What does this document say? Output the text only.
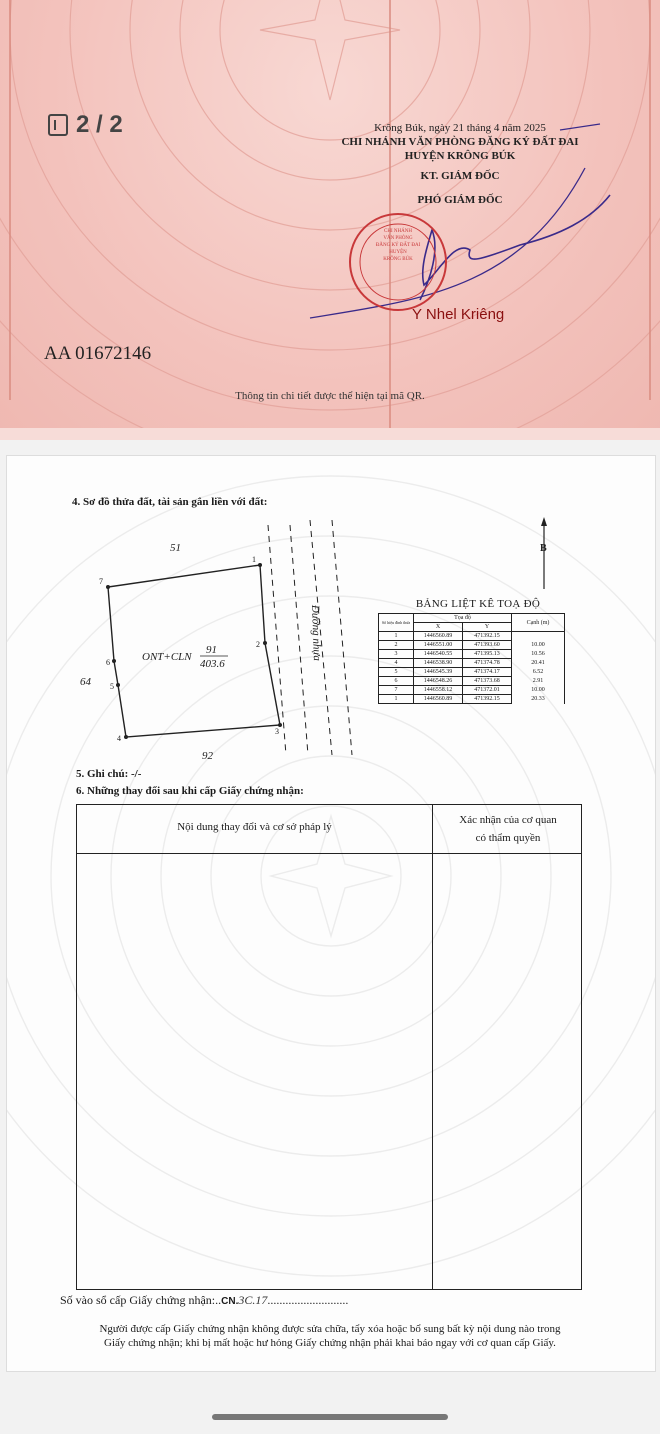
2 / 2	Krông Búk, ngày 21 tháng 4 năm 2025
CHI NHÁNH VĂN PHÒNG ĐĂNG KÝ ĐẤT ĐAI
HUYỆN KRÔNG BÚK
KT. GIÁM ĐỐC
PHÓ GIÁM ĐỐC
CHI NHÁNH
VĂN PHÒNG
ĐĂNG KÝ ĐẤT ĐAI
HUYỆN
KRÔNG BÚK
Y Nhel Kriêng
AA 01672146
Thông tin chi tiết được thể hiện tại mã QR.
4. Sơ đồ thửa đất, tài sản gắn liền với đất:
1
2
3
4
5
6
7
51
64
92
ONT+CLN
91
403.6
Đường nhựa
B
BẢNG LIỆT KÊ TOẠ ĐỘ
Số hiệu đỉnh thửa	Tọa độ		Cạnh (m)
	X	Y	
1	1446560.89	471392.15	
2	1446551.00	471393.60	10.00
3	1446540.55	471395.13	10.56
4	1446538.90	471374.78	20.41
5	1446545.39	471374.17	6.52
6	1446548.26	471373.68	2.91
7	1446558.12	471372.01	10.00
1	1446560.89	471392.15	20.33
5. Ghi chú: -/-
6. Những thay đổi sau khi cấp Giấy chứng nhận:
Nội dung thay đổi và cơ sở pháp lý
Xác nhận của cơ quan
có thẩm quyền
Số vào sổ cấp Giấy chứng nhận:..CN.3C.17...........................
Người được cấp Giấy chứng nhận không được sửa chữa, tẩy xóa hoặc bổ sung bất kỳ nội dung nào trong
Giấy chứng nhận; khi bị mất hoặc hư hỏng Giấy chứng nhận phải khai báo ngay với cơ quan cấp Giấy.
